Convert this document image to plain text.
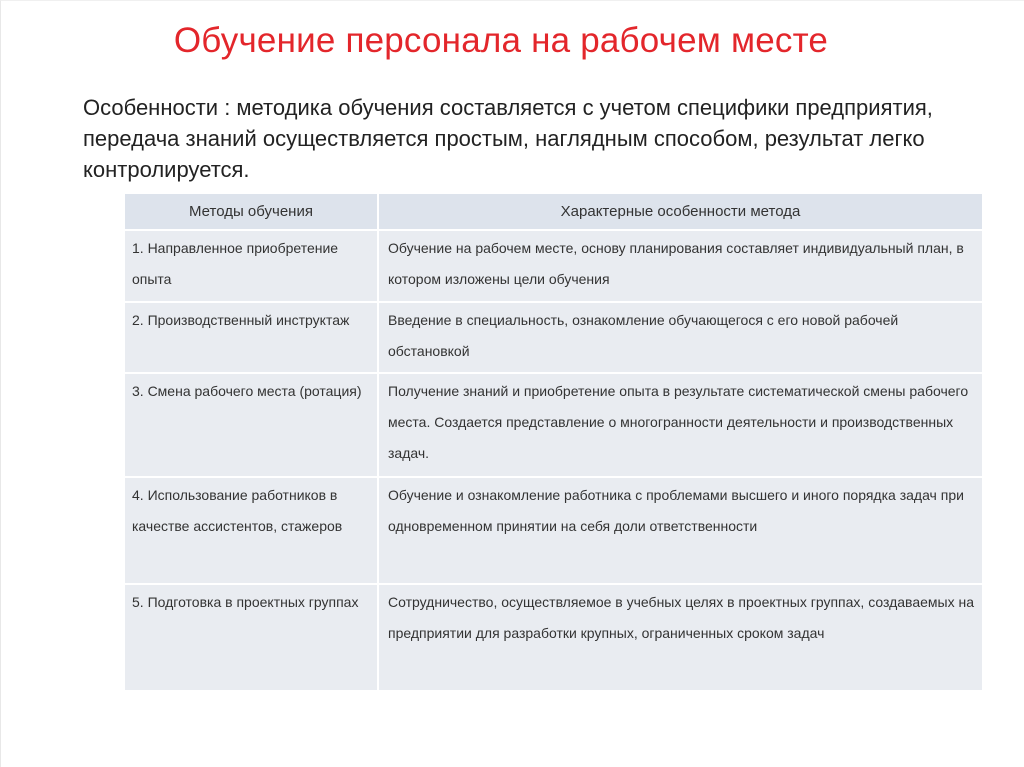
Обучение персонала на рабочем месте

Особенности : методика обучения составляется с учетом специфики предприятия, передача знаний осуществляется простым, наглядным способом, результат легко контролируется.

Методы обучения	Характерные особенности метода
1. Направленное приобретение опыта	Обучение на рабочем месте, основу планирования составляет индивидуальный план, в котором изложены цели обучения
2. Производственный инструктаж	Введение в специальность, ознакомление обучающегося с его новой рабочей обстановкой
3. Смена рабочего места (ротация)	Получение знаний и приобретение опыта в результате систематической смены рабочего места. Создается представление о многогранности деятельности и производственных задач.
4. Использование работников в качестве ассистентов, стажеров	Обучение и ознакомление работника с проблемами высшего и иного порядка задач при одновременном принятии на себя доли ответственности
5. Подготовка в проектных группах	Сотрудничество, осуществляемое в учебных целях в проектных группах, создаваемых на предприятии для разработки крупных, ограниченных сроком задач
